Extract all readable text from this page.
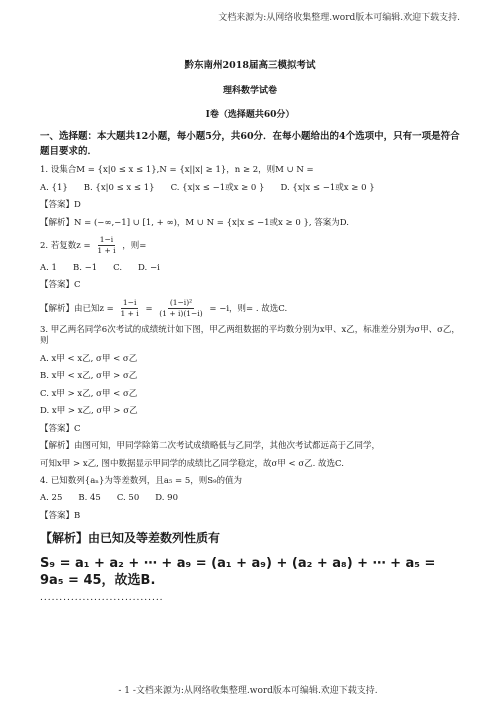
文档来源为:从网络收集整理.word版本可编辑.欢迎下载支持.
黔东南州2018届高三模拟考试
理科数学试卷
I卷（选择题共60分）
一、选择题：本大题共12小题，每小题5分，共60分．在每小题给出的4个选项中，只有一项是符合题目要求的．
1. 设集合M = {x|0 ≤ x ≤ 1},N = {x||x| ≥ 1}，n ≥ 2，则M ∪ N =
A. {1} B. {x|0 ≤ x ≤ 1} C. {x|x ≤ −1或x ≥ 0 } D. {x|x ≤ −1或x ≥ 0 }
【答案】D
【解析】N = (−∞,−1] ∪ [1, + ∞)，M ∪ N = {x|x ≤ −1或x ≥ 0 }, 答案为D.
2. 若复数$z = \frac{1-i}{1 + i}$ ，则=
A. 1 B. −1 C. D. −i
【答案】C
【解析】由已知$z = \frac{1-i}{1 + i} = \frac{\text{(1−i)²}}{(1 + i)(1-i)} = -i$，则= . 故选C.
3. 甲乙两名同学6次考试的成绩统计如下图，甲乙两组数据的平均数分别为x甲、x乙，标准差分别为σ甲、σ乙，则
A. x甲 < x乙, σ甲 < σ乙
B. x甲 < x乙, σ甲 > σ乙
C. x甲 > x乙, σ甲 < σ乙
D. x甲 > x乙, σ甲 > σ乙
【答案】C
【解析】由图可知，甲同学除第二次考试成绩略低与乙同学，其他次考试都远高于乙同学，
可知x甲 > x乙, 图中数据显示甲同学的成绩比乙同学稳定，故σ甲 < σ乙. 故选C.
4. 已知数列{aₙ}为等差数列，且a₅ = 5，则S₉的值为
A. 25 B. 45 C. 50 D. 90
【答案】B
【解析】由已知及等差数列性质有
S₉ = a₁ + a₂ + ⋯ + a₉ = (a₁ + a₉) + (a₂ + a₈) + ⋯ + a₅ = 9a₅ = 45，故选B.
................................
- 1 -文档来源为:从网络收集整理.word版本可编辑.欢迎下载支持.
